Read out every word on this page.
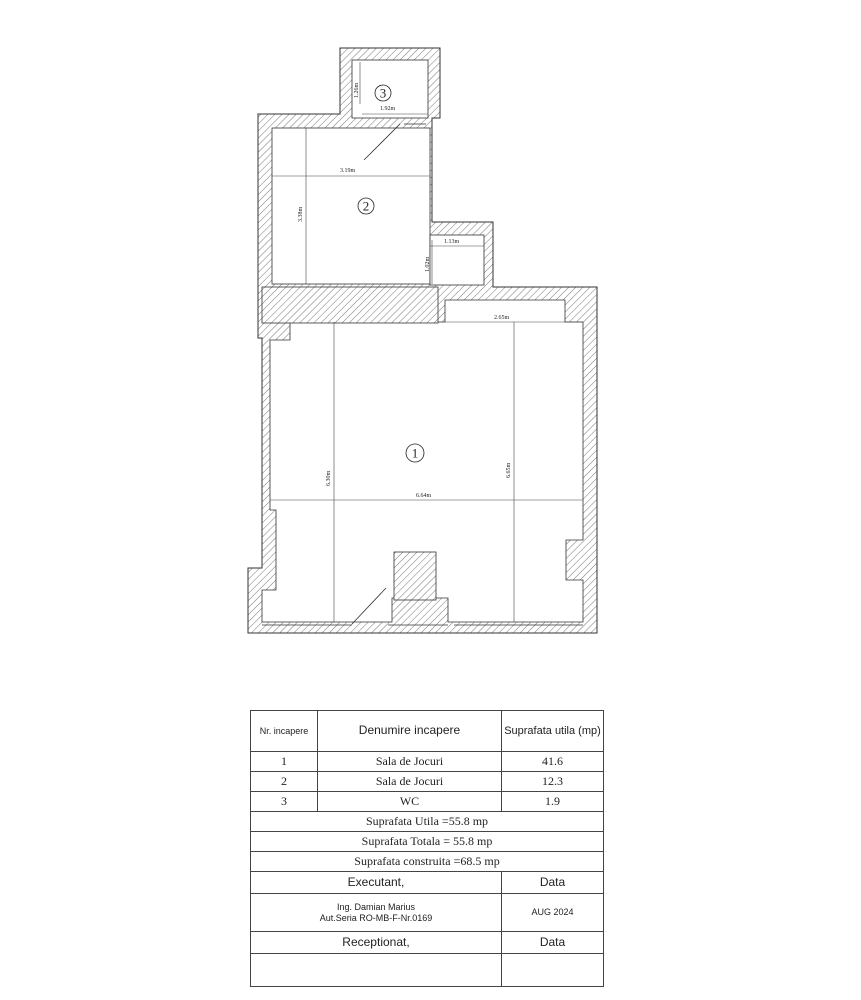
1.26m
1.92m
3.19m
3.38m
1.13m
1.02m
2.65m
6.30m
6.64m
6.65m
3
2
1
Nr. incapere	Denumire incapere	Suprafata utila (mp)
1	Sala de Jocuri	41.6
2	Sala de Jocuri	12.3
3	WC	1.9
Suprafata Utila =55.8 mp		
Suprafata Totala = 55.8 mp		
Suprafata construita =68.5 mp		
Executant,		Data

Ing. Damian Marius
Aut.Seria RO-MB-F-Nr.0169		AUG 2024
Receptionat,		Data
